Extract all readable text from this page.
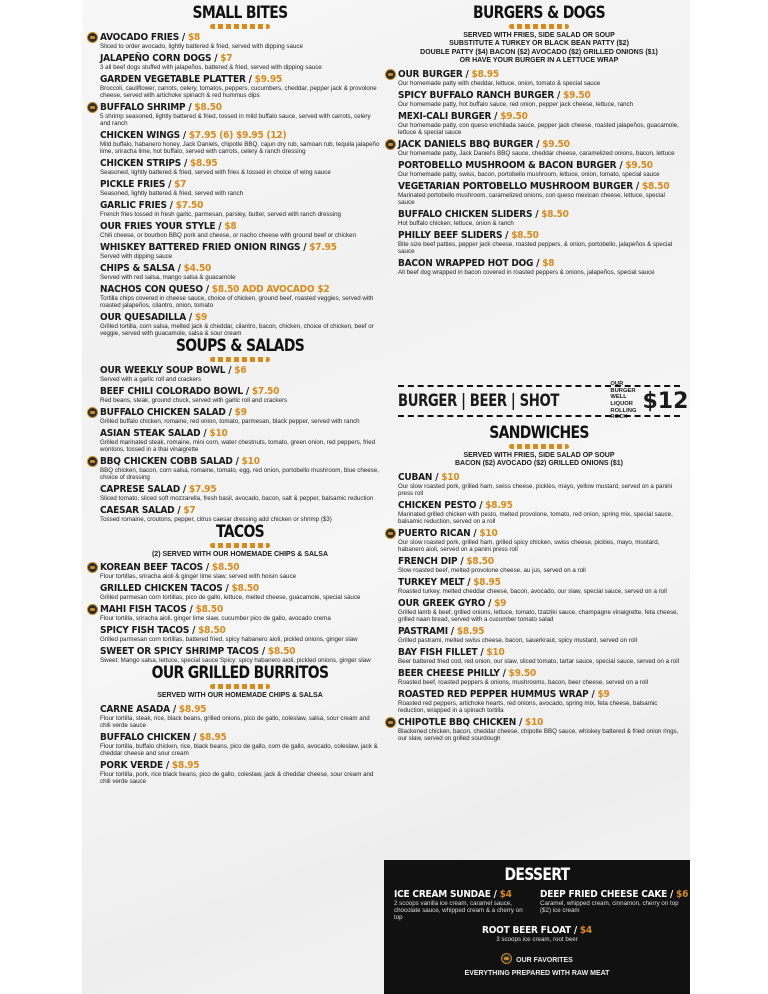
SMALL BITES
AVOCADO FRIES / $8
Sliced to order avocado, lightly battered & fried, served with dipping sauce
JALAPEÑO CORN DOGS / $7
3 all beef dogs stuffed with jalapeños, battered & fried, served with dipping sauce
GARDEN VEGETABLE PLATTER / $9.95
Broccoli, cauliflower, carrots, celery, tomatos, peppers, cucumbers, cheddar, pepper jack & provolone cheese, served with artichoke spinach & red hummus dips
BUFFALO SHRIMP / $8.50
5 shrimp seasoned, lightly battered & fried, tossed in mild buffalo sauce, served with carrots, celery and ranch
CHICKEN WINGS / $7.95 (6) $9.95 (12)
Mild buffalo, habanero honey, Jack Daniels, chipotle BBQ, cajun dry rub, samoan rub, tequila jalapeño lime, sriracha lime, hot buffalo, served with carrots, celery & ranch dressing
CHICKEN STRIPS / $8.95
Seasoned, lightly battered & fried, served with fries & tossed in choice of wing sauce
PICKLE FRIES / $7
Seasoned, lightly battered & fried, served with ranch
GARLIC FRIES / $7.50
French fries tossed in fresh garlic, parmesan, parsley, butter, served with ranch dressing
OUR FRIES YOUR STYLE / $8
Chili cheese, or bourbon BBQ pork and cheese, or nacho cheese with ground beef or chicken
WHISKEY BATTERED FRIED ONION RINGS / $7.95
Served with dipping sauce
CHIPS & SALSA / $4.50
Served with red salsa, mango salsa & guacamole
NACHOS CON QUESO / $8.50 ADD AVOCADO $2
Tortilla chips covered in cheese sauce, choice of chicken, ground beef, roasted veggies, served with roasted jalapeños, cilantro, onion, tomato
OUR QUESADILLA / $9
Grilled tortilla, corn salsa, melted jack & cheddar, cilantro, bacon, chicken, choice of chicken, beef or veggie, served with guacamole, salsa & sour cream
SOUPS & SALADS
OUR WEEKLY SOUP BOWL / $6
Served with a garlic roll and crackers
BEEF CHILI COLORADO BOWL / $7.50
Red beans, steak, ground chuck, served with garlic roll and crackers
BUFFALO CHICKEN SALAD / $9
Grilled buffalo chicken, romaine, red onion, tomato, parmesan, black pepper, served with ranch
ASIAN STEAK SALAD / $10
Grilled marinated steak, romaine, mini corn, water chestnuts, tomato, green onion, red peppers, fried wontons, tossed in a thai vinaigrette
BBQ CHICKEN COBB SALAD / $10
BBQ chicken, bacon, corn salsa, romaine, tomato, egg, red onion, portobello mushroom, blue cheese, choice of dressing
CAPRESE SALAD / $7.95
Sliced tomato, sliced soft mozzarella, fresh basil, avocado, bacon, salt & pepper, balsamic reduction
CAESAR SALAD / $7
Tossed romaine, croutons, pepper, citrus caesar dressing add chicken or shrimp ($3)
TACOS
(2) SERVED WITH OUR HOMEMADE CHIPS & SALSA
KOREAN BEEF TACOS / $8.50
Flour tortillas, sriracha aioli & ginger lime slaw, served with hoisin sauce
GRILLED CHICKEN TACOS / $8.50
Grilled parmesan corn tortillas, pico de gallo, lettuce, melted cheese, guacamole, special sauce
MAHI FISH TACOS / $8.50
Flour tortilla, sriracha aioli, ginger lime slaw, cucumber pico de gallo, avocado crema
SPICY FISH TACOS / $8.50
Grilled parmesan corn tortillas, battered fried, spicy habanero aioli, pickled onions, ginger slaw
SWEET OR SPICY SHRIMP TACOS / $8.50
Sweet: Mango salsa, lettuce, special sauce Spicy: spicy habanero aioli, pickled onions, ginger slaw
OUR GRILLED BURRITOS
SERVED WITH OUR HOMEMADE CHIPS & SALSA
CARNE ASADA / $8.95
Flour tortilla, steak, rice, black beans, grilled onions, pico de gallo, coleslaw, salsa, sour cream and chili verde sauce
BUFFALO CHICKEN / $8.95
Flour tortilla, buffalo chicken, rice, black beans, pico de gallo, corn de gallo, avocado, coleslaw, jack & cheddar cheese and sour cream
PORK VERDE / $8.95
Flour tortilla, pork, rice black beans, pico de gallo, coleslaw, jack & cheddar cheese, sour cream and chili verde sauce
BURGERS & DOGS
SERVED WITH FRIES, SIDE SALAD OR SOUP
SUBSTITUTE A TURKEY OR BLACK BEAN PATTY ($2)
DOUBLE PATTY ($4) BACON ($2) AVOCADO ($2) GRILLED ONIONS ($1)
OR HAVE YOUR BURGER IN A LETTUCE WRAP
OUR BURGER / $8.95
Our homemade patty with cheddar, lettuce, onion, tomato & special sauce
SPICY BUFFALO RANCH BURGER / $9.50
Our homemade patty, hot buffalo sauce, red onion, pepper jack cheese, lettuce, ranch
MEXI-CALI BURGER / $9.50
Our homemade patty, con queso enchilada sauce, pepper jack cheese, roasted jalapeños, guacamole, lettuce & special sauce
JACK DANIELS BBQ BURGER / $9.50
Our homemade patty, Jack Daniel's BBQ sauce, cheddar cheese, caramelized onions, bacon, lettuce
PORTOBELLO MUSHROOM & BACON BURGER / $9.50
Our homemade patty, swiss, bacon, portobello mushroom, lettuce, onion, tomato, special sauce
VEGETARIAN PORTOBELLO MUSHROOM BURGER / $8.50
Marinated portobello mushroom, caramelized onions, con queso mexican cheese, lettuce, special sauce
BUFFALO CHICKEN SLIDERS / $8.50
Hot buffalo chicken, lettuce, onion & ranch
PHILLY BEEF SLIDERS / $8.50
Bite size beef patties, pepper jack cheese, roasted peppers, & onion, portobello, jalapeños & special sauce
BACON WRAPPED HOT DOG / $8
All beef dog wrapped in bacon covered in roasted peppers & onions, jalapeños, special sauce
SANDWICHES
SERVED WITH FRIES, SIDE SALAD OP SOUP
BACON ($2) AVOCADO ($2) GRILLED ONIONS ($1)
CUBAN / $10
Our slow roasted pork, grilled ham, swiss cheese, pickles, mayo, yellow mustard, served on a panini press roll
CHICKEN PESTO / $8.95
Marinated grilled chicken with pesto, melted provolone, tomato, red onion, spring mix, special sauce, balsamic reduction, served on a roll
PUERTO RICAN / $10
Our slow roasted pork, grilled ham, grilled spicy chicken, swiss cheese, pickles, mayo, mustard, habanero aioli, served on a panini press roll
FRENCH DIP / $8.50
Slow roasted beef, melted provolone cheese, au jus, served on a roll
TURKEY MELT / $8.95
Roasted turkey, melted cheddar cheese, bacon, avocado, our slaw, special sauce, served on a roll
OUR GREEK GYRO / $9
Grilled lamb & beef, grilled onions, lettuce, tomato, tzatziki sauce, champagne vinaigrette, feta cheese, grilled naan bread, served with a cucumber tomato salad
PASTRAMI / $8.95
Grilled pastrami, melted swiss cheese, bacon, sauerkraut, spicy mustard, served on roll
BAY FISH FILLET / $10
Beer battered fried cod, red onion, our slaw, sliced tomato, tartar sauce, special sauce, served on a roll
BEER CHEESE PHILLY / $9.50
Roasted beef, roasted peppers & onions, mushrooms, bacon, beer cheese, served on a roll
ROASTED RED PEPPER HUMMUS WRAP / $9
Roasted red peppers, artichoke hearts, red onions, avocado, spring mix, feta cheese, balsamic reduction, wrapped in a spinach tortilla
CHIPOTLE BBQ CHICKEN / $10
Blackened chicken, bacon, cheddar cheese, chipotle BBQ sauce, whiskey battered & fried onion rings, our slaw, served on grilled sourdough
BURGER | BEER | SHOT
OUR BURGER
WELL LIQUOR
ROLLING ROCK
$12
DESSERT
ICE CREAM SUNDAE / $4
2 scoops vanilla ice cream, caramel sauce, chocolate sauce, whipped cream & a cherry on top
DEEP FRIED CHEESE CAKE / $6
Caramel, whipped cream, cinnamon, cherry on top ($2) ice cream
ROOT BEER FLOAT / $4
3 scoops ice cream, root beer
OUR FAVORITES
EVERYTHING PREPARED WITH RAW MEAT
